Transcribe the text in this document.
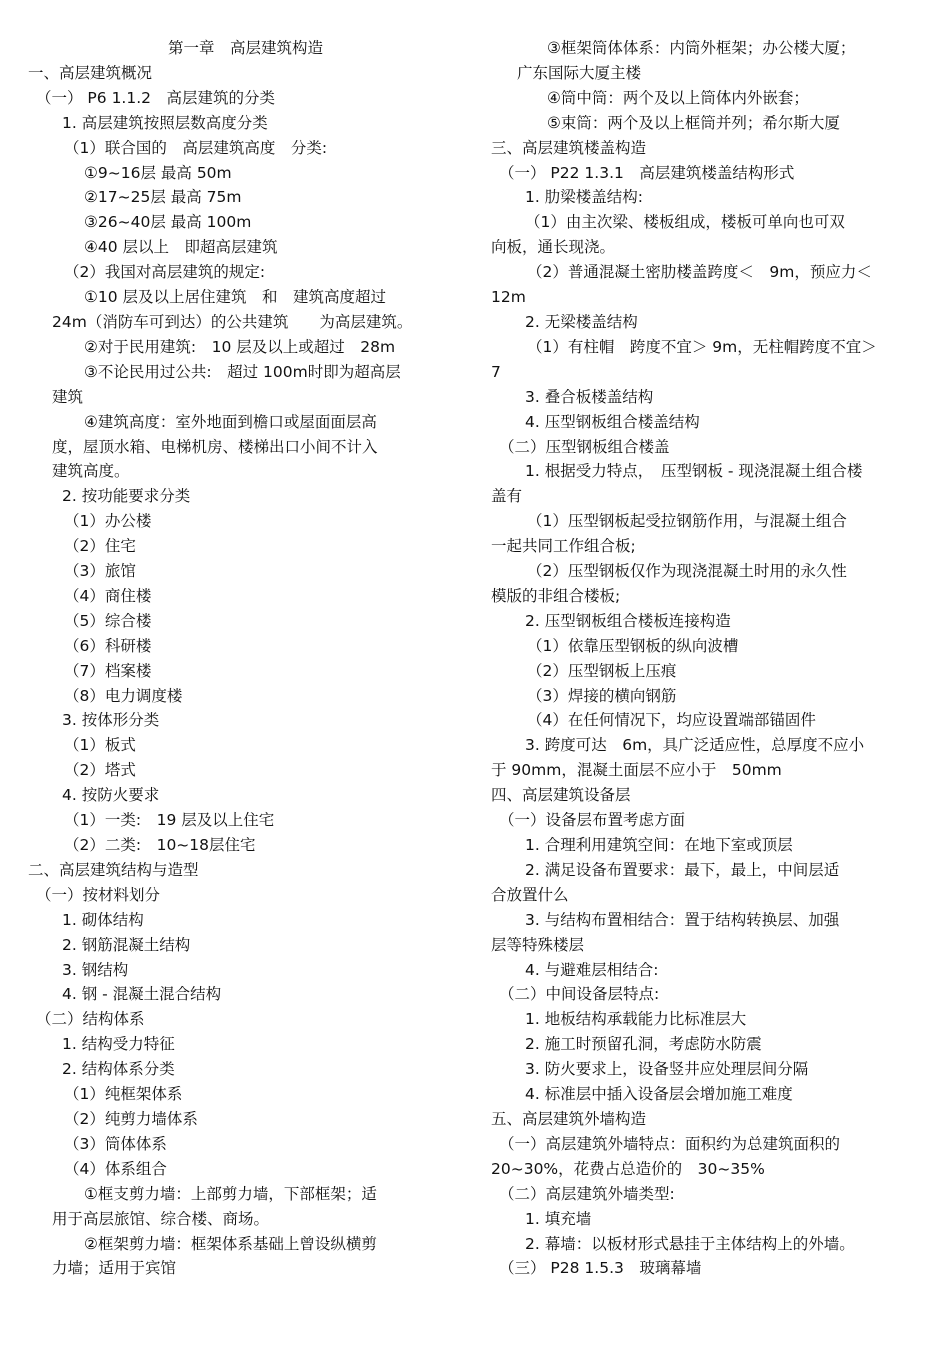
第一章　高层建筑构造
一、高层建筑概况
（一） P6 1.1.2　高层建筑的分类
1. 高层建筑按照层数高度分类
（1）联合国的　高层建筑高度　分类:
①9~16层 最高 50m
②17~25层 最高 75m
③26~40层 最高 100m
④40 层以上　即超高层建筑
（2）我国对高层建筑的规定:
①10 层及以上居住建筑　和　建筑高度超过
24m（消防车可到达）的公共建筑　　为高层建筑。
②对于民用建筑:　10 层及以上或超过　28m
③不论民用过公共:　超过 100m时即为超高层
建筑
④建筑高度：室外地面到檐口或屋面面层高
度，屋顶水箱、电梯机房、楼梯出口小间不计入
建筑高度。
2. 按功能要求分类
（1）办公楼
（2）住宅
（3）旅馆
（4）商住楼
（5）综合楼
（6）科研楼
（7）档案楼
（8）电力调度楼
3. 按体形分类
（1）板式
（2）塔式
4. 按防火要求
（1）一类:　19 层及以上住宅
（2）二类:　10~18层住宅
二、高层建筑结构与造型
（一）按材料划分
1. 砌体结构
2. 钢筋混凝土结构
3. 钢结构
4. 钢 - 混凝土混合结构
（二）结构体系
1. 结构受力特征
2. 结构体系分类
（1）纯框架体系
（2）纯剪力墙体系
（3）筒体体系
（4）体系组合
①框支剪力墙：上部剪力墙，下部框架；适
用于高层旅馆、综合楼、商场。
②框架剪力墙：框架体系基础上曾设纵横剪
力墙；适用于宾馆
③框架筒体体系：内筒外框架；办公楼大厦；
广东国际大厦主楼
④筒中筒：两个及以上筒体内外嵌套；
⑤束筒：两个及以上框筒并列；希尔斯大厦
三、高层建筑楼盖构造
（一） P22 1.3.1　高层建筑楼盖结构形式
1. 肋梁楼盖结构:
（1）由主次梁、楼板组成，楼板可单向也可双
向板，通长现浇。
（2）普通混凝土密肋楼盖跨度＜　9m，预应力＜
12m
2. 无梁楼盖结构
（1）有柱帽　跨度不宜＞ 9m，无柱帽跨度不宜＞
7
3. 叠合板楼盖结构
4. 压型钢板组合楼盖结构
（二）压型钢板组合楼盖
1. 根据受力特点，　压型钢板 - 现浇混凝土组合楼
盖有
（1）压型钢板起受拉钢筋作用，与混凝土组合
一起共同工作组合板;
（2）压型钢板仅作为现浇混凝土时用的永久性
模版的非组合楼板;
2. 压型钢板组合楼板连接构造
（1）依靠压型钢板的纵向波槽
（2）压型钢板上压痕
（3）焊接的横向钢筋
（4）在任何情况下，均应设置端部锚固件
3. 跨度可达　6m，具广泛适应性，总厚度不应小
于 90mm，混凝土面层不应小于　50mm
四、高层建筑设备层
（一）设备层布置考虑方面
1. 合理利用建筑空间：在地下室或顶层
2. 满足设备布置要求：最下，最上，中间层适
合放置什么
3. 与结构布置相结合：置于结构转换层、加强
层等特殊楼层
4. 与避难层相结合:
（二）中间设备层特点:
1. 地板结构承载能力比标准层大
2. 施工时预留孔洞，考虑防水防震
3. 防火要求上，设备竖井应处理层间分隔
4. 标准层中插入设备层会增加施工难度
五、高层建筑外墙构造
（一）高层建筑外墙特点：面积约为总建筑面积的
20~30%，花费占总造价的　30~35%
（二）高层建筑外墙类型:
1. 填充墙
2. 幕墙：以板材形式悬挂于主体结构上的外墙。
（三） P28 1.5.3　玻璃幕墙
